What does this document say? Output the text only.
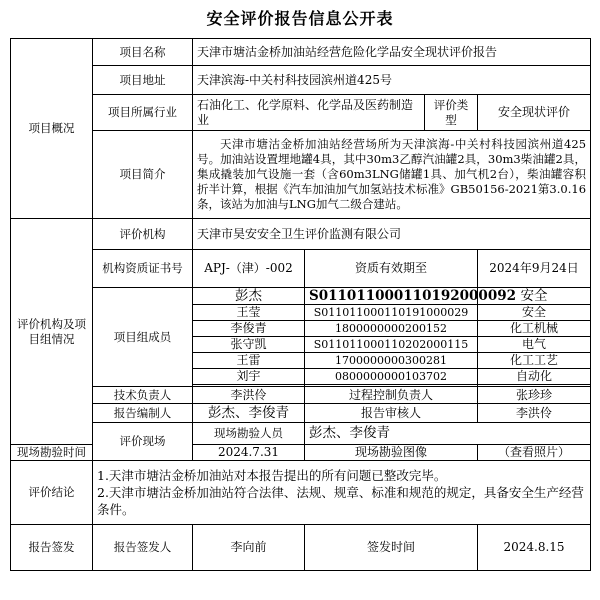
安全评价报告信息公开表
项目概况	项目名称	天津市塘沽金桥加油站经营危险化学品安全现状评价报告			
	项目地址	天津滨海-中关村科技园滨州道425号			
	项目所属行业	石油化工、化学原料、化学品及医药制造业		评价类型	安全现状评价
	项目简介	天津市塘沽金桥加油站经营场所为天津滨海-中关村科技园滨州道425号。加油站设置埋地罐4具，其中30m3乙醇汽油罐2具，30m3柴油罐2具，集成撬装加气设施一套（含60m3LNG储罐1具、加气机2台），柴油罐容积折半计算，根据《汽车加油加气加氢站技术标准》GB50156-2021第3.0.16条，该站为加油与LNG加气二级合建站。			
评价机构及项目组情况	评价机构	天津市昊安安全卫生评价监测有限公司			
	机构资质证书号	APJ-（津）-002	资质有效期至		2024年9月24日
	项目组成员	彭杰	S011011000110192000092		安全
		王莹	S011011000110191000029		安全
		李俊青	1800000000200152		化工机械
		张守凯	S011011000110202000115		电气
		王雷	1700000000300281		化工工艺
		刘宇	0800000000103702		自动化

	技术负责人	李洪伶	过程控制负责人		张珍珍
	报告编制人	彭杰、李俊青	报告审核人		李洪伶
	评价现场	现场勘验人员	彭杰、李俊青		
现场勘验时间		2024.7.31	现场勘验图像		（查看照片）
评价结论	1.天津市塘沽金桥加油站对本报告提出的所有问题已整改完毕。
2.天津市塘沽金桥加油站符合法律、法规、规章、标准和规范的规定，具备安全生产经营条件。				

报告签发	报告签发人	李向前	签发时间		2024.8.15
